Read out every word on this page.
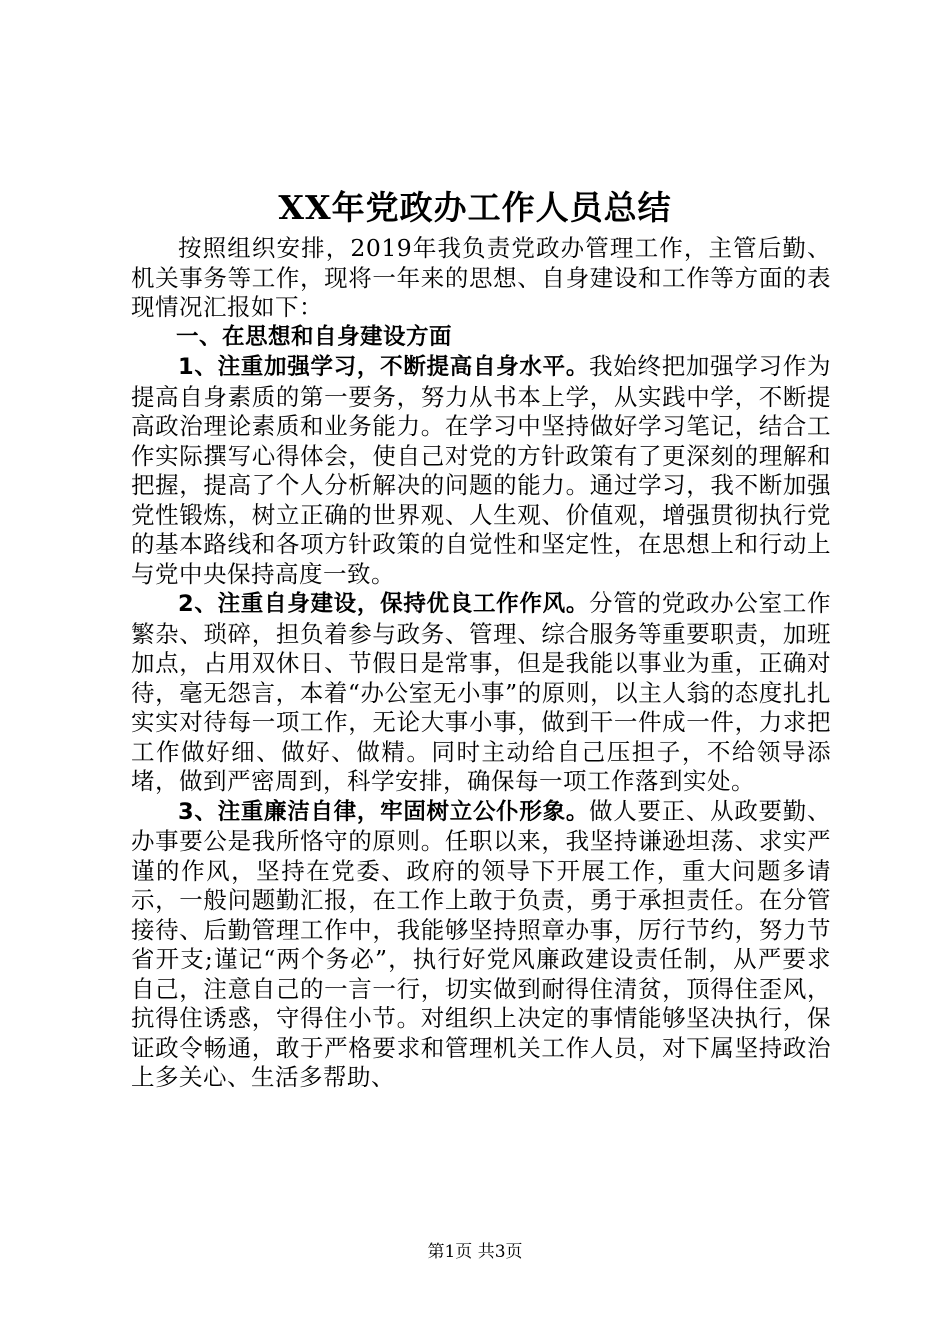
XX年党政办工作人员总结

按照组织安排，2019年我负责党政办管理工作，主管后勤、机关事务等工作，现将一年来的思想、自身建设和工作等方面的表现情况汇报如下：

一、在思想和自身建设方面

1、注重加强学习，不断提高自身水平。我始终把加强学习作为提高自身素质的第一要务，努力从书本上学，从实践中学，不断提高政治理论素质和业务能力。在学习中坚持做好学习笔记，结合工作实际撰写心得体会，使自己对党的方针政策有了更深刻的理解和把握，提高了个人分析解决的问题的能力。通过学习，我不断加强党性锻炼，树立正确的世界观、人生观、价值观，增强贯彻执行党的基本路线和各项方针政策的自觉性和坚定性，在思想上和行动上与党中央保持高度一致。

2、注重自身建设，保持优良工作作风。分管的党政办公室工作繁杂、琐碎，担负着参与政务、管理、综合服务等重要职责，加班加点，占用双休日、节假日是常事，但是我能以事业为重，正确对待，毫无怨言，本着“办公室无小事”的原则，以主人翁的态度扎扎实实对待每一项工作，无论大事小事，做到干一件成一件，力求把工作做好细、做好、做精。同时主动给自己压担子，不给领导添堵，做到严密周到，科学安排，确保每一项工作落到实处。

3、注重廉洁自律，牢固树立公仆形象。做人要正、从政要勤、办事要公是我所恪守的原则。任职以来，我坚持谦逊坦荡、求实严谨的作风，坚持在党委、政府的领导下开展工作，重大问题多请示，一般问题勤汇报，在工作上敢于负责，勇于承担责任。在分管接待、后勤管理工作中，我能够坚持照章办事，厉行节约，努力节省开支;谨记“两个务必”，执行好党风廉政建设责任制，从严要求自己，注意自己的一言一行，切实做到耐得住清贫，顶得住歪风，抗得住诱惑，守得住小节。对组织上决定的事情能够坚决执行，保证政令畅通，敢于严格要求和管理机关工作人员，对下属坚持政治上多关心、生活多帮助、

第1页 共3页
